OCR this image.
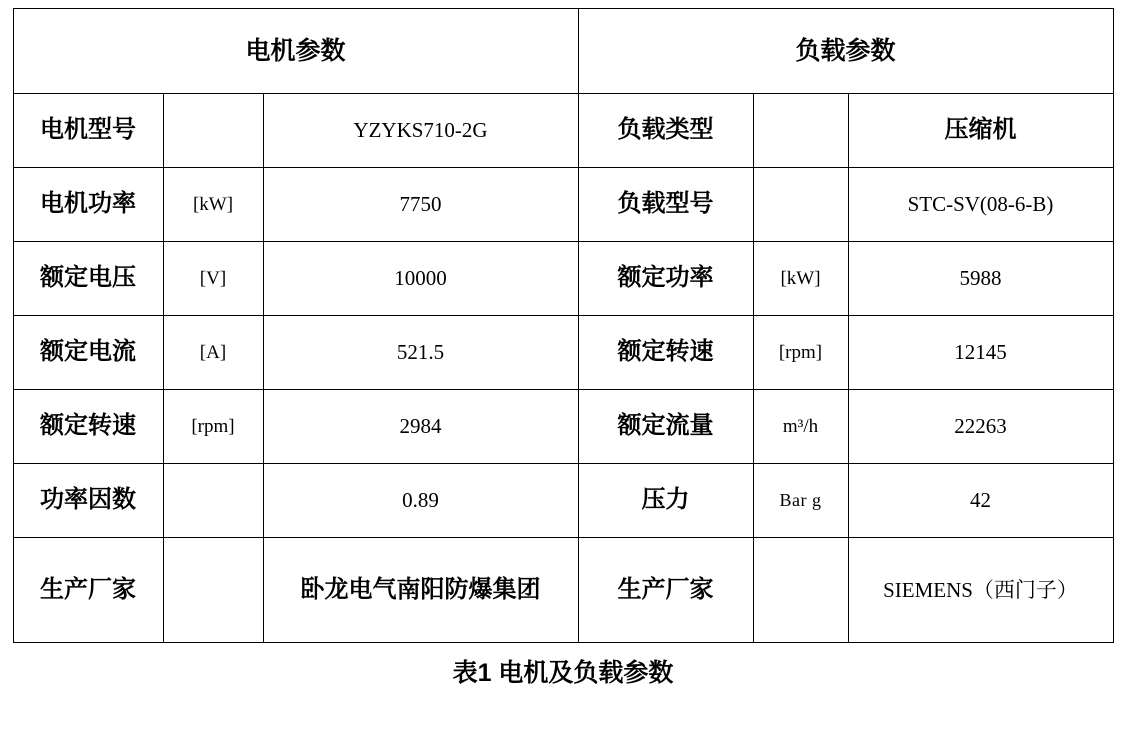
电机参数			负载参数		
电机型号		YZYKS710-2G	负载类型		压缩机
电机功率	[kW]	7750	负载型号		STC-SV(08-6-B)
额定电压	[V]	10000	额定功率	[kW]	5988
额定电流	[A]	521.5	额定转速	[rpm]	12145
额定转速	[rpm]	2984	额定流量	m³/h	22263
功率因数		0.89	压力	Bar g	42
生产厂家		卧龙电气南阳防爆集团	生产厂家		SIEMENS（西门子）
表1 电机及负载参数
